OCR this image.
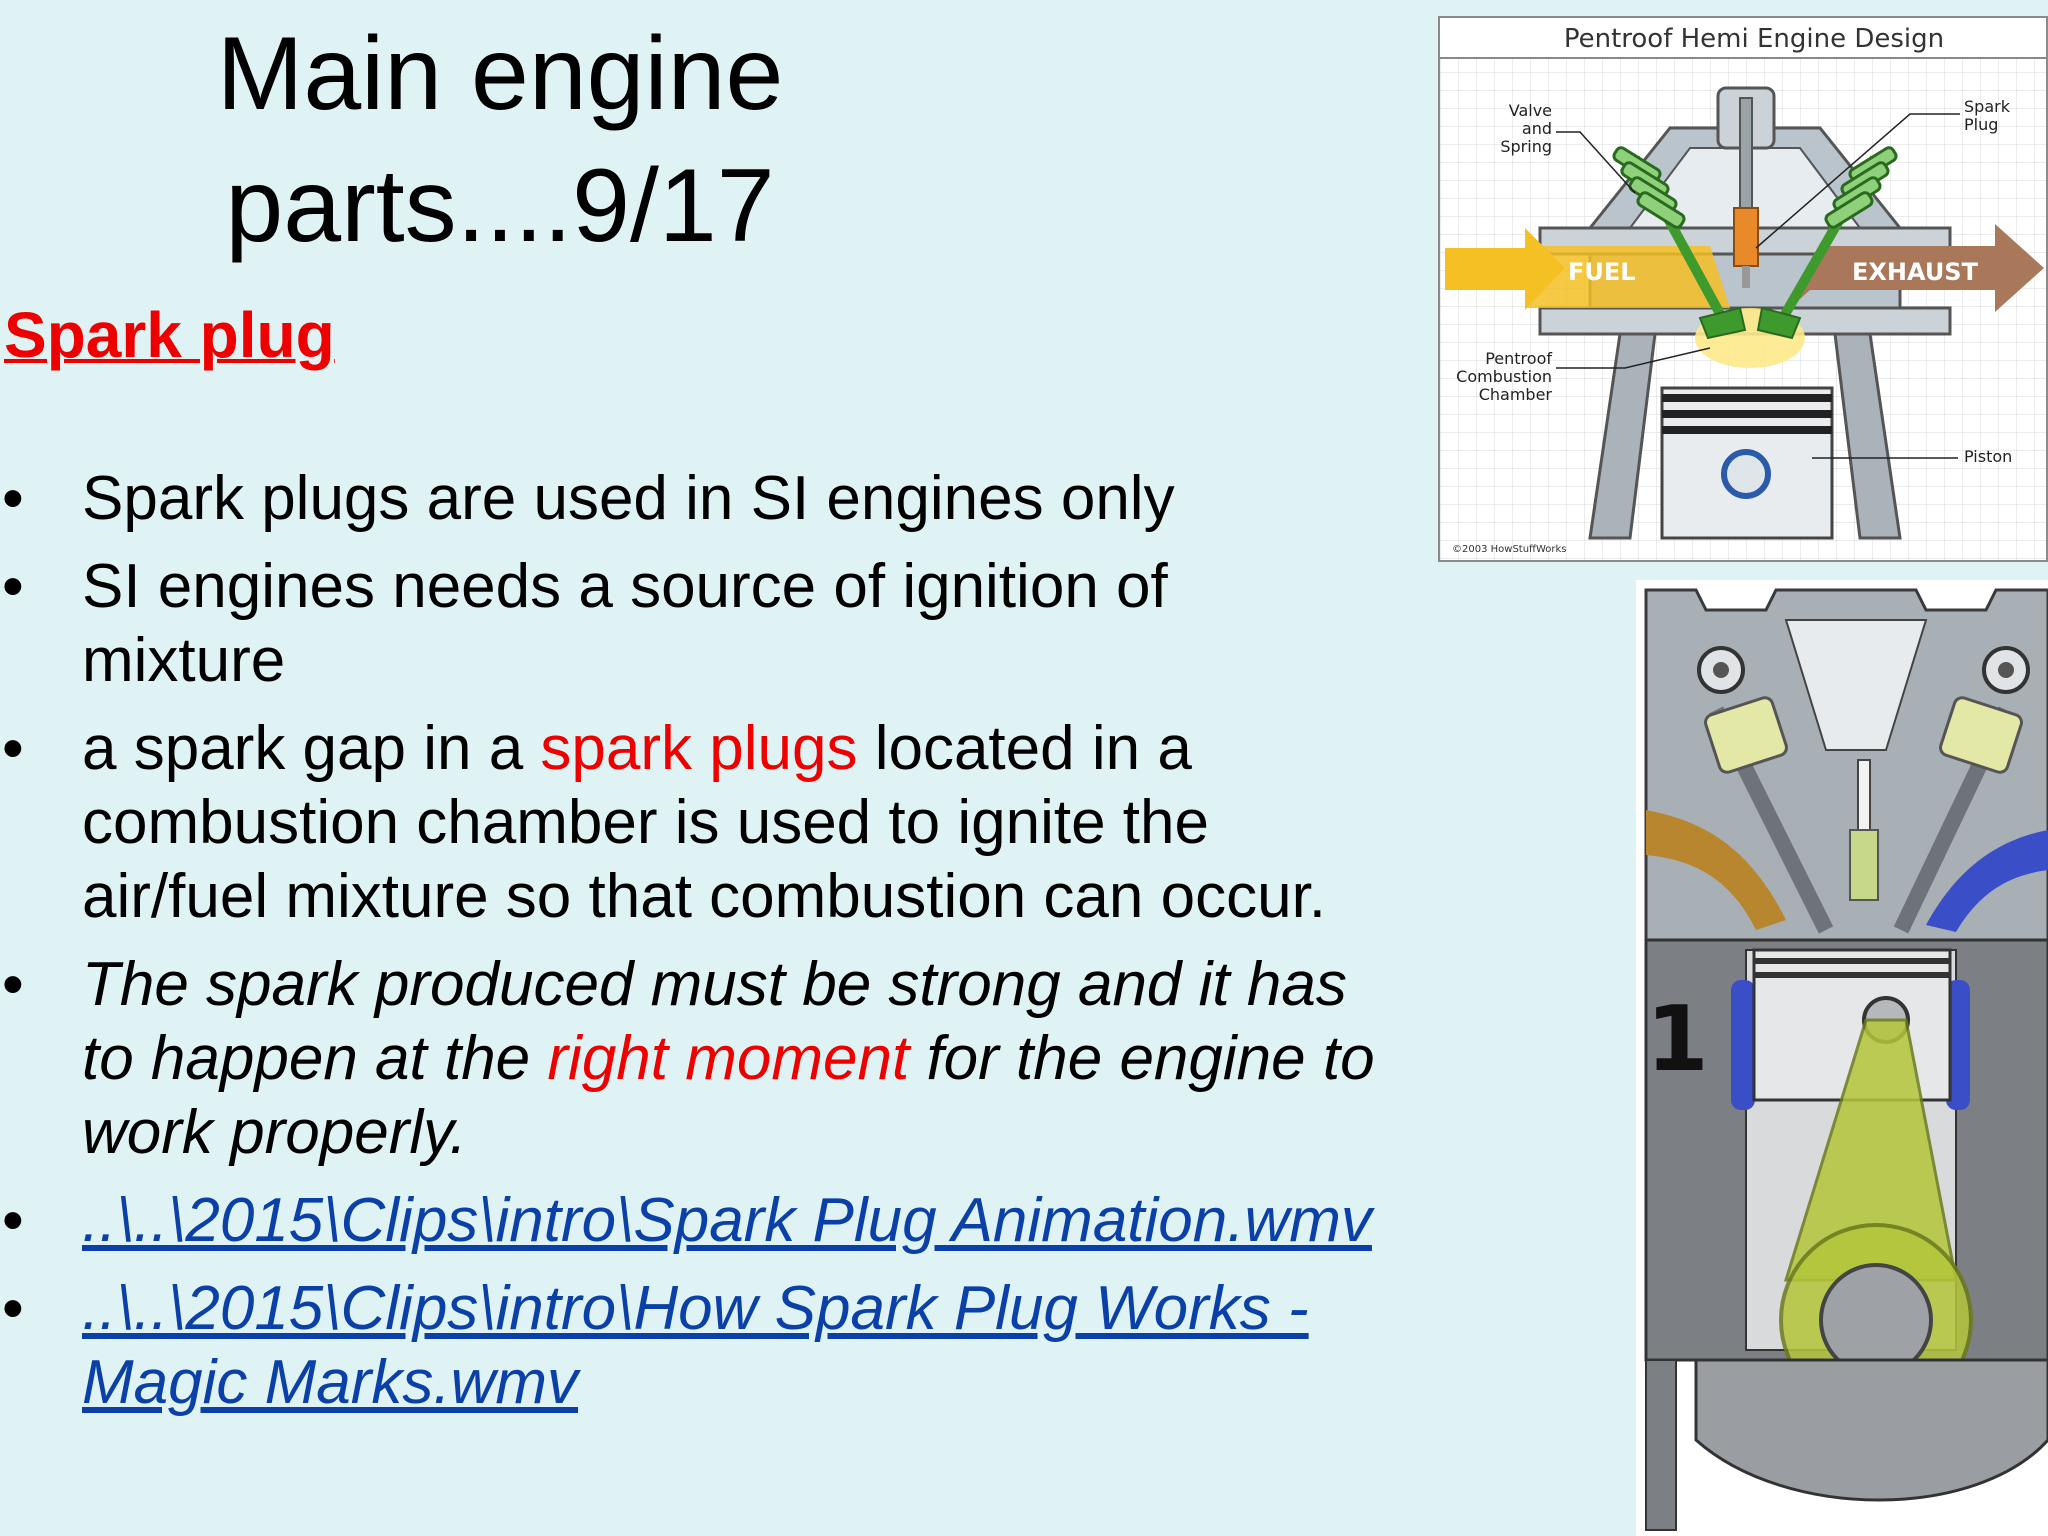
Main engine
parts....9/17
Spark plug
• Spark plugs are used in SI engines only
• SI engines needs a source of ignition of mixture
• a spark gap in a spark plugs located in a combustion chamber is used to ignite the air/fuel mixture so that combustion can occur.
• The spark produced must be strong and it has to happen at the right moment for the engine to work properly.
• ..\..\2015\Clips\intro\Spark Plug Animation.wmv
• ..\..\2015\Clips\intro\How Spark Plug Works - Magic Marks.wmv
Pentroof Hemi Engine Design
FUEL	EXHAUST
Valve
and
Spring
Spark
Plug
Pentroof
Combustion
Chamber
Piston
©2003 HowStuffWorks
1
